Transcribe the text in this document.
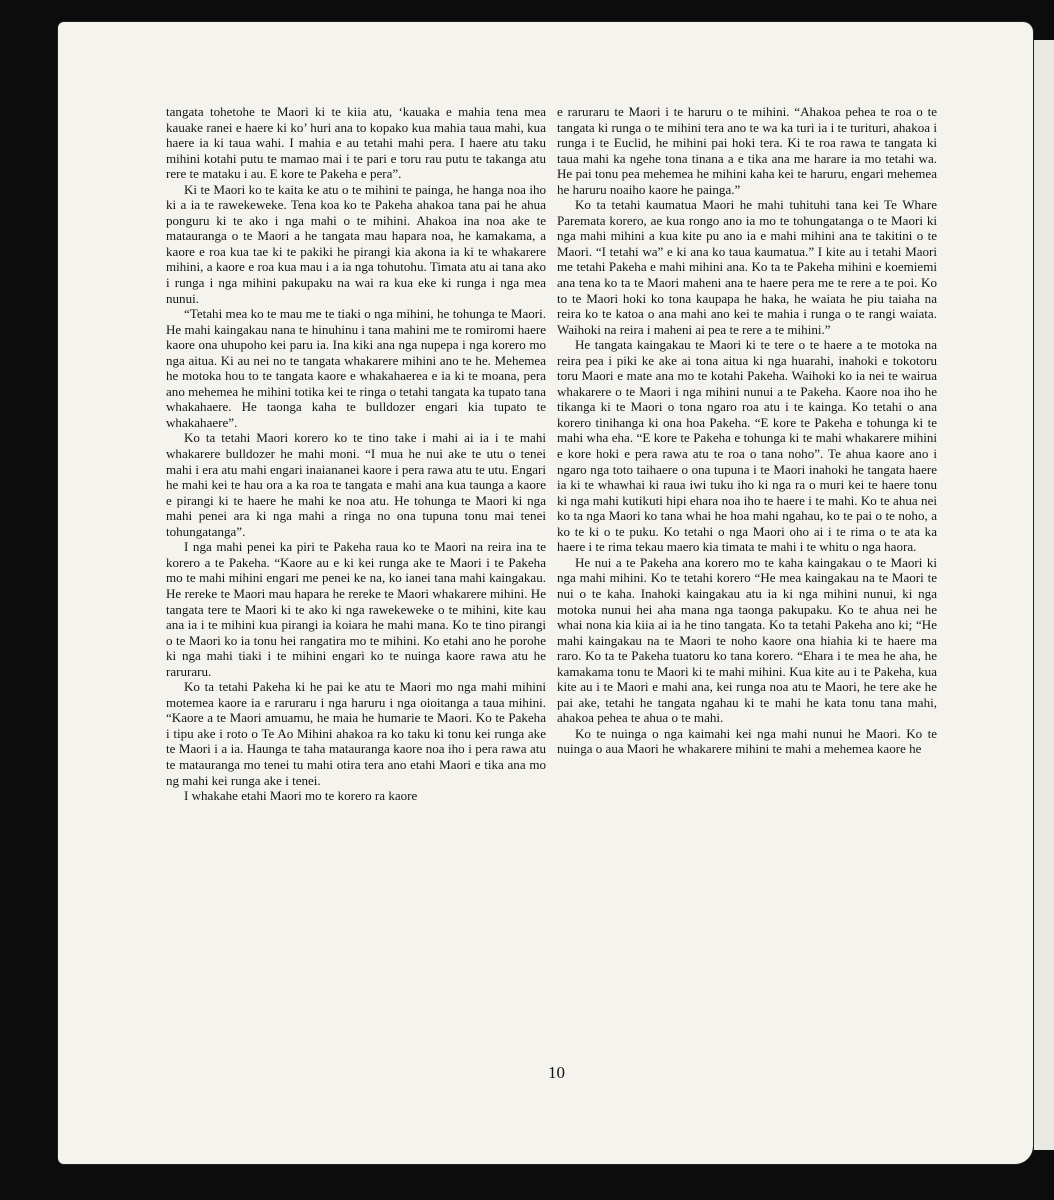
tangata tohetohe te Maori ki te kiia atu, ‘kauaka e mahia tena mea kauake ranei e haere ki ko’ huri ana to kopako kua mahia taua mahi, kua haere ia ki taua wahi. I mahia e au tetahi mahi pera. I haere atu taku mihini kotahi putu te mamao mai i te pari e toru rau putu te takanga atu rere te mataku i au. E kore te Pakeha e pera”.

Ki te Maori ko te kaita ke atu o te mihini te painga, he hanga noa iho ki a ia te rawekeweke. Tena koa ko te Pakeha ahakoa tana pai he ahua ponguru ki te ako i nga mahi o te mihini. Ahakoa ina noa ake te matauranga o te Maori a he tangata mau hapara noa, he kamakama, a kaore e roa kua tae ki te pakiki he pirangi kia akona ia ki te whakarere mihini, a kaore e roa kua mau i a ia nga tohutohu. Timata atu ai tana ako i runga i nga mihini pakupaku na wai ra kua eke ki runga i nga mea nunui.

“Tetahi mea ko te mau me te tiaki o nga mihini, he tohunga te Maori. He mahi kaingakau nana te hinuhinu i tana mahini me te romiromi haere kaore ona uhupoho kei paru ia. Ina kiki ana nga nupepa i nga korero mo nga aitua. Ki au nei no te tangata whakarere mihini ano te he. Mehemea he motoka hou to te tangata kaore e whakahaerea e ia ki te moana, pera ano mehemea he mihini totika kei te ringa o tetahi tangata ka tupato tana whakahaere. He taonga kaha te bulldozer engari kia tupato te whakahaere”.

Ko ta tetahi Maori korero ko te tino take i mahi ai ia i te mahi whakarere bulldozer he mahi moni. “I mua he nui ake te utu o tenei mahi i era atu mahi engari inaiananei kaore i pera rawa atu te utu. Engari he mahi kei te hau ora a ka roa te tangata e mahi ana kua taunga a kaore e pirangi ki te haere he mahi ke noa atu. He tohunga te Maori ki nga mahi penei ara ki nga mahi a ringa no ona tupuna tonu mai tenei tohungatanga”.

I nga mahi penei ka piri te Pakeha raua ko te Maori na reira ina te korero a te Pakeha. “Kaore au e ki kei runga ake te Maori i te Pakeha mo te mahi mihini engari me penei ke na, ko ianei tana mahi kaingakau. He rereke te Maori mau hapara he rereke te Maori whakarere mihini. He tangata tere te Maori ki te ako ki nga rawekeweke o te mihini, kite kau ana ia i te mihini kua pirangi ia koiara he mahi mana. Ko te tino pirangi o te Maori ko ia tonu hei rangatira mo te mihini. Ko etahi ano he porohe ki nga mahi tiaki i te mihini engari ko te nuinga kaore rawa atu he raruraru.

Ko ta tetahi Pakeha ki he pai ke atu te Maori mo nga mahi mihini motemea kaore ia e raruraru i nga haruru i nga oioitanga a taua mihini. “Kaore a te Maori amuamu, he maia he humarie te Maori. Ko te Pakeha i tipu ake i roto o Te Ao Mihini ahakoa ra ko taku ki tonu kei runga ake te Maori i a ia. Haunga te taha matauranga kaore noa iho i pera rawa atu te matauranga mo tenei tu mahi otira tera ano etahi Maori e tika ana mo ng mahi kei runga ake i tenei.

I whakahe etahi Maori mo te korero ra kaore

e raruraru te Maori i te haruru o te mihini. “Ahakoa pehea te roa o te tangata ki runga o te mihini tera ano te wa ka turi ia i te turituri, ahakoa i runga i te Euclid, he mihini pai hoki tera. Ki te roa rawa te tangata ki taua mahi ka ngehe tona tinana a e tika ana me harare ia mo tetahi wa. He pai tonu pea mehemea he mihini kaha kei te haruru, engari mehemea he haruru noaiho kaore he painga.”

Ko ta tetahi kaumatua Maori he mahi tuhituhi tana kei Te Whare Paremata korero, ae kua rongo ano ia mo te tohungatanga o te Maori ki nga mahi mihini a kua kite pu ano ia e mahi mihini ana te takitini o te Maori. “I tetahi wa” e ki ana ko taua kaumatua.” I kite au i tetahi Maori me tetahi Pakeha e mahi mihini ana. Ko ta te Pakeha mihini e koemiemi ana tena ko ta te Maori maheni ana te haere pera me te rere a te poi. Ko to te Maori hoki ko tona kaupapa he haka, he waiata he piu taiaha na reira ko te katoa o ana mahi ano kei te mahia i runga o te rangi waiata. Waihoki na reira i maheni ai pea te rere a te mihini.”

He tangata kaingakau te Maori ki te tere o te haere a te motoka na reira pea i piki ke ake ai tona aitua ki nga huarahi, inahoki e tokotoru toru Maori e mate ana mo te kotahi Pakeha. Waihoki ko ia nei te wairua whakarere o te Maori i nga mihini nunui a te Pakeha. Kaore noa iho he tikanga ki te Maori o tona ngaro roa atu i te kainga. Ko tetahi o ana korero tinihanga ki ona hoa Pakeha. “E kore te Pakeha e tohunga ki te mahi wha eha. “E kore te Pakeha e tohunga ki te mahi whakarere mihini e kore hoki e pera rawa atu te roa o tana noho”. Te ahua kaore ano i ngaro nga toto taihaere o ona tupuna i te Maori inahoki he tangata haere ia ki te whawhai ki raua iwi tuku iho ki nga ra o muri kei te haere tonu ki nga mahi kutikuti hipi ehara noa iho te haere i te mahi. Ko te ahua nei ko ta nga Maori ko tana whai he hoa mahi ngahau, ko te pai o te noho, a ko te ki o te puku. Ko tetahi o nga Maori oho ai i te rima o te ata ka haere i te rima tekau maero kia timata te mahi i te whitu o nga haora.

He nui a te Pakeha ana korero mo te kaha kaingakau o te Maori ki nga mahi mihini. Ko te tetahi korero “He mea kaingakau na te Maori te nui o te kaha. Inahoki kaingakau atu ia ki nga mihini nunui, ki nga motoka nunui hei aha mana nga taonga pakupaku. Ko te ahua nei he whai nona kia kiia ai ia he tino tangata. Ko ta tetahi Pakeha ano ki; “He mahi kaingakau na te Maori te noho kaore ona hiahia ki te haere ma raro. Ko ta te Pakeha tuatoru ko tana korero. “Ehara i te mea he aha, he kamakama tonu te Maori ki te mahi mihini. Kua kite au i te Pakeha, kua kite au i te Maori e mahi ana, kei runga noa atu te Maori, he tere ake he pai ake, tetahi he tangata ngahau ki te mahi he kata tonu tana mahi, ahakoa pehea te ahua o te mahi.

Ko te nuinga o nga kaimahi kei nga mahi nunui he Maori. Ko te nuinga o aua Maori he whakarere mihini te mahi a mehemea kaore he

10
